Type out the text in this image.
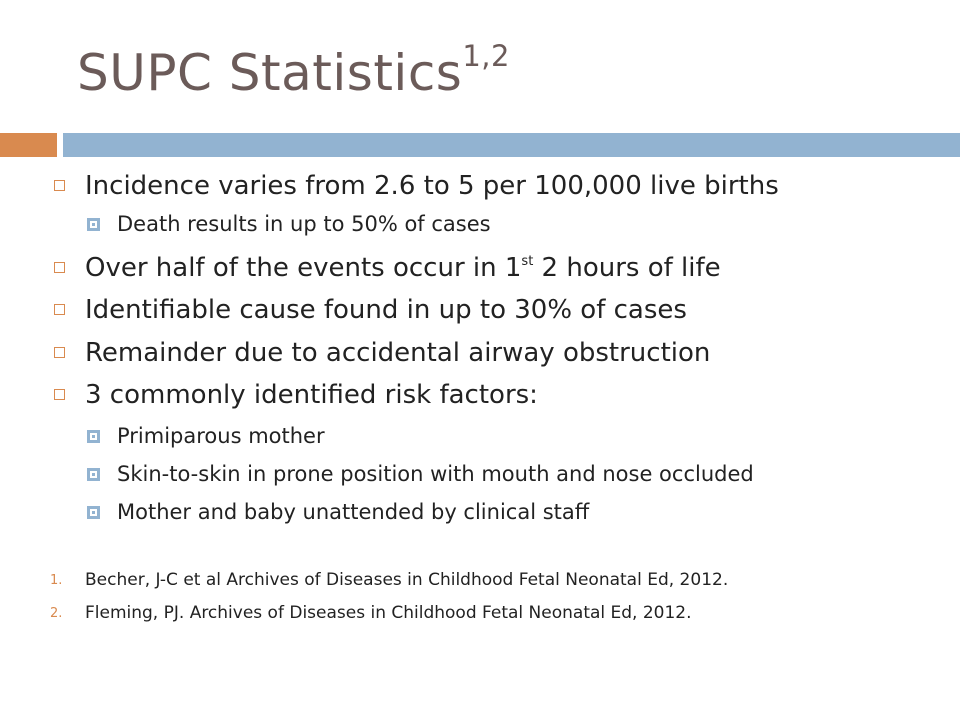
SUPC Statistics$^{1,2}$
Incidence varies from 2.6 to 5 per 100,000 live births
Death results in up to 50% of cases
Over half of the events occur in 1st 2 hours of life
Identifiable cause found in up to 30% of cases
Remainder due to accidental airway obstruction
3 commonly identified risk factors:
Primiparous mother
Skin-to-skin in prone position with mouth and nose occluded
Mother and baby unattended by clinical staff
1. Becher, J-C et al Archives of Diseases in Childhood Fetal Neonatal Ed, 2012.
2. Fleming, PJ. Archives of Diseases in Childhood Fetal Neonatal Ed, 2012.
